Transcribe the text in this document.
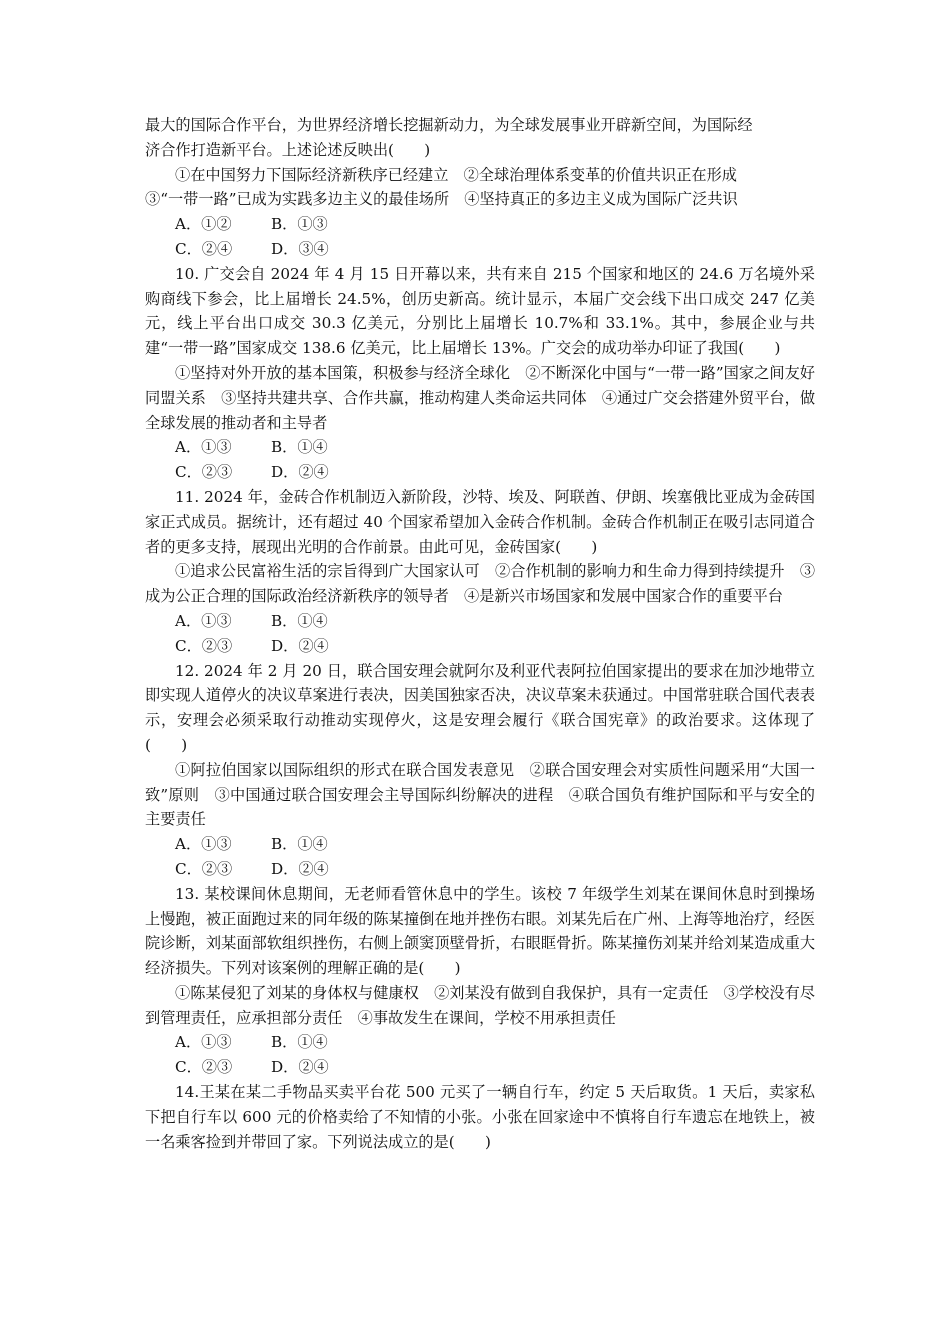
最大的国际合作平台，为世界经济增长挖掘新动力，为全球发展事业开辟新空间，为国际经

济合作打造新平台。上述论述反映出(　　)

①在中国努力下国际经济新秩序已经建立　②全球治理体系变革的价值共识正在形成

③“一带一路”已成为实践多边主义的最佳场所　④坚持真正的多边主义成为国际广泛共识

A．①②	B．①③
C．②④	D．③④

10. 广交会自 2024 年 4 月 15 日开幕以来，共有来自 215 个国家和地区的 24.6 万名境外采购商线下参会，比上届增长 24.5%，创历史新高。统计显示，本届广交会线下出口成交 247 亿美元，线上平台出口成交 30.3 亿美元，分别比上届增长 10.7%和 33.1%。其中，参展企业与共建“一带一路”国家成交 138.6 亿美元，比上届增长 13%。广交会的成功举办印证了我国(　　)

①坚持对外开放的基本国策，积极参与经济全球化　②不断深化中国与“一带一路”国家之间友好同盟关系　③坚持共建共享、合作共赢，推动构建人类命运共同体　④通过广交会搭建外贸平台，做全球发展的推动者和主导者

A．①③	B．①④
C．②③	D．②④

11. 2024 年，金砖合作机制迈入新阶段，沙特、埃及、阿联酋、伊朗、埃塞俄比亚成为金砖国家正式成员。据统计，还有超过 40 个国家希望加入金砖合作机制。金砖合作机制正在吸引志同道合者的更多支持，展现出光明的合作前景。由此可见，金砖国家(　　)

①追求公民富裕生活的宗旨得到广大国家认可　②合作机制的影响力和生命力得到持续提升　③成为公正合理的国际政治经济新秩序的领导者　④是新兴市场国家和发展中国家合作的重要平台

A．①③	B．①④
C．②③	D．②④

12. 2024 年 2 月 20 日，联合国安理会就阿尔及利亚代表阿拉伯国家提出的要求在加沙地带立即实现人道停火的决议草案进行表决，因美国独家否决，决议草案未获通过。中国常驻联合国代表表示，安理会必须采取行动推动实现停火，这是安理会履行《联合国宪章》的政治要求。这体现了(　　)

①阿拉伯国家以国际组织的形式在联合国发表意见　②联合国安理会对实质性问题采用“大国一致”原则　③中国通过联合国安理会主导国际纠纷解决的进程　④联合国负有维护国际和平与安全的主要责任

A．①③	B．①④
C．②③	D．②④

13. 某校课间休息期间，无老师看管休息中的学生。该校 7 年级学生刘某在课间休息时到操场上慢跑，被正面跑过来的同年级的陈某撞倒在地并挫伤右眼。刘某先后在广州、上海等地治疗，经医院诊断，刘某面部软组织挫伤，右侧上颌窦顶壁骨折，右眼眶骨折。陈某撞伤刘某并给刘某造成重大经济损失。下列对该案例的理解正确的是(　　)

①陈某侵犯了刘某的身体权与健康权　②刘某没有做到自我保护，具有一定责任　③学校没有尽到管理责任，应承担部分责任　④事故发生在课间，学校不用承担责任

A．①③	B．①④
C．②③	D．②④

14.王某在某二手物品买卖平台花 500 元买了一辆自行车，约定 5 天后取货。1 天后，卖家私下把自行车以 600 元的价格卖给了不知情的小张。小张在回家途中不慎将自行车遗忘在地铁上，被一名乘客捡到并带回了家。下列说法成立的是(　　)
